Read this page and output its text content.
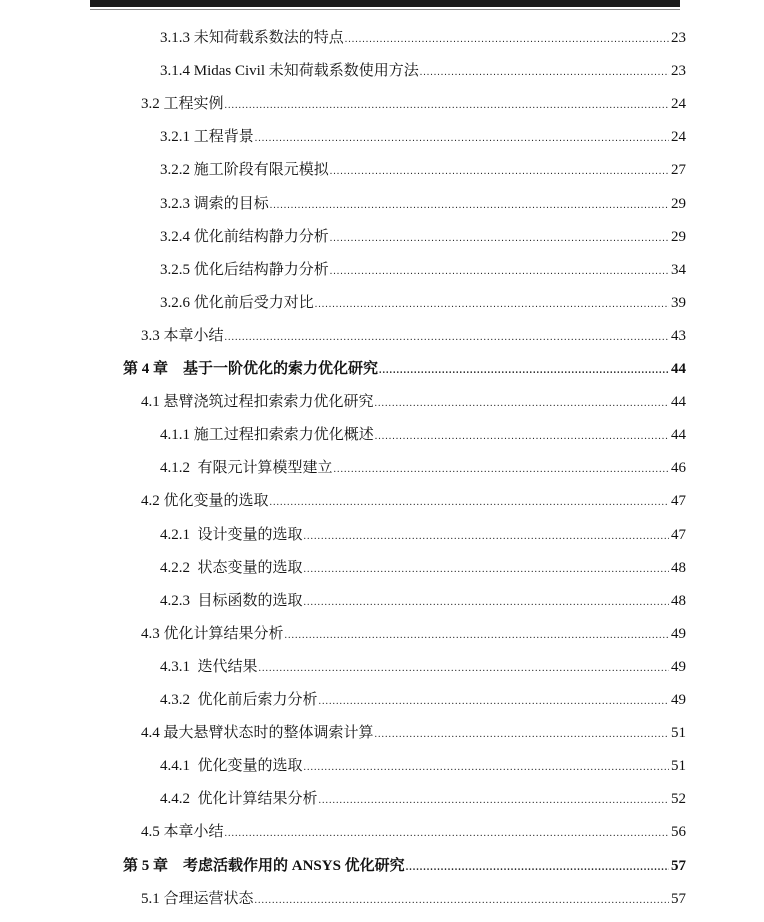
3.1.3 未知荷载系数法的特点 .....	23
3.1.4 Midas Civil 未知荷载系数使用方法 .....	23
3.2 工程实例 .....	24
3.2.1 工程背景 .....	24
3.2.2 施工阶段有限元模拟 .....	27
3.2.3 调索的目标 .....	29
3.2.4 优化前结构静力分析 .....	29
3.2.5 优化后结构静力分析 .....	34
3.2.6 优化前后受力对比 .....	39
3.3 本章小结 .....	43
第 4 章　基于一阶优化的索力优化研究 .....	44
4.1 悬臂浇筑过程扣索索力优化研究 .....	44
4.1.1 施工过程扣索索力优化概述 .....	44
4.1.2  有限元计算模型建立 .....	46
4.2 优化变量的选取 .....	47
4.2.1  设计变量的选取 .....	47
4.2.2  状态变量的选取 .....	48
4.2.3  目标函数的选取 .....	48
4.3 优化计算结果分析 .....	49
4.3.1  迭代结果 .....	49
4.3.2  优化前后索力分析 .....	49
4.4 最大悬臂状态时的整体调索计算 .....	51
4.4.1  优化变量的选取 .....	51
4.4.2  优化计算结果分析 .....	52
4.5 本章小结 .....	56
第 5 章　考虑活载作用的 ANSYS 优化研究 .....	57
5.1 合理运营状态 .....	57
